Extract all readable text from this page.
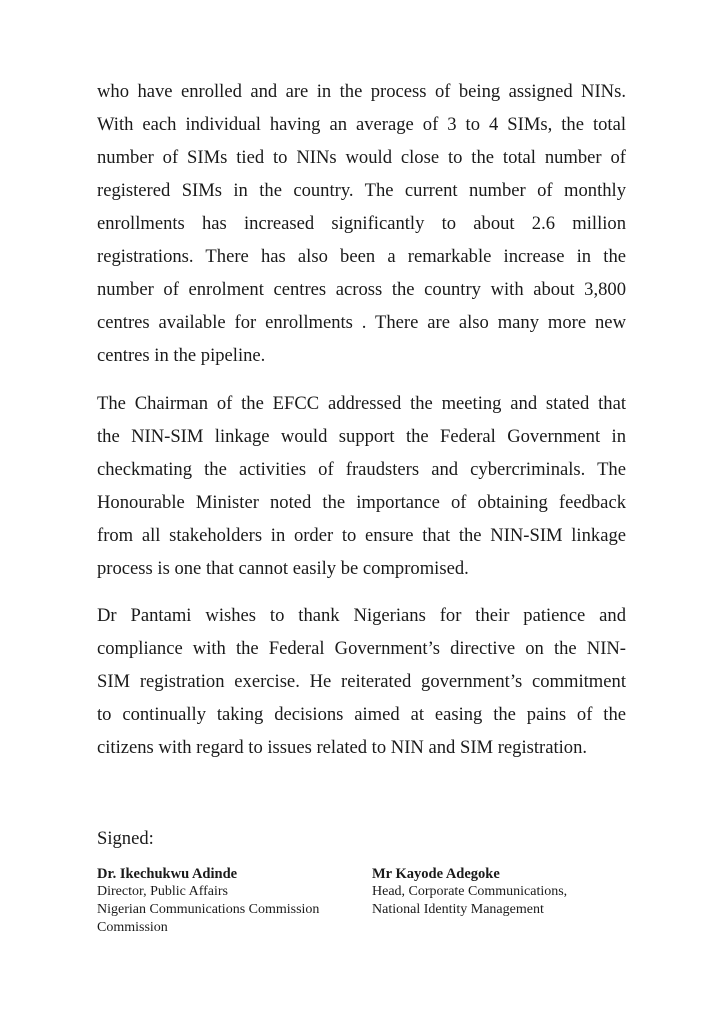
who have enrolled and are in the process of being assigned NINs.
With each individual having an average of 3 to 4 SIMs, the total
number of SIMs tied to NINs would close to the total number of
registered SIMs in the country. The current number of monthly
enrollments has increased significantly to about 2.6 million
registrations. There has also been a remarkable increase in the
number of enrolment centres across the country with about 3,800
centres available for enrollments . There are also many more new
centres in the pipeline.
The Chairman of the EFCC addressed the meeting and stated that
the NIN-SIM linkage would support the Federal Government in
checkmating the activities of fraudsters and cybercriminals. The
Honourable Minister noted the importance of obtaining feedback
from all stakeholders in order to ensure that the NIN-SIM linkage
process is one that cannot easily be compromised.
Dr Pantami wishes to thank Nigerians for their patience and
compliance with the Federal Government’s directive on the NIN-
SIM registration exercise. He reiterated government’s commitment
to continually taking decisions aimed at easing the pains of the
citizens with regard to issues related to NIN and SIM registration.
Signed:
Dr. Ikechukwu Adinde
Director, Public Affairs
Nigerian Communications Commission
Commission
Mr Kayode Adegoke
Head, Corporate Communications,
National Identity Management
